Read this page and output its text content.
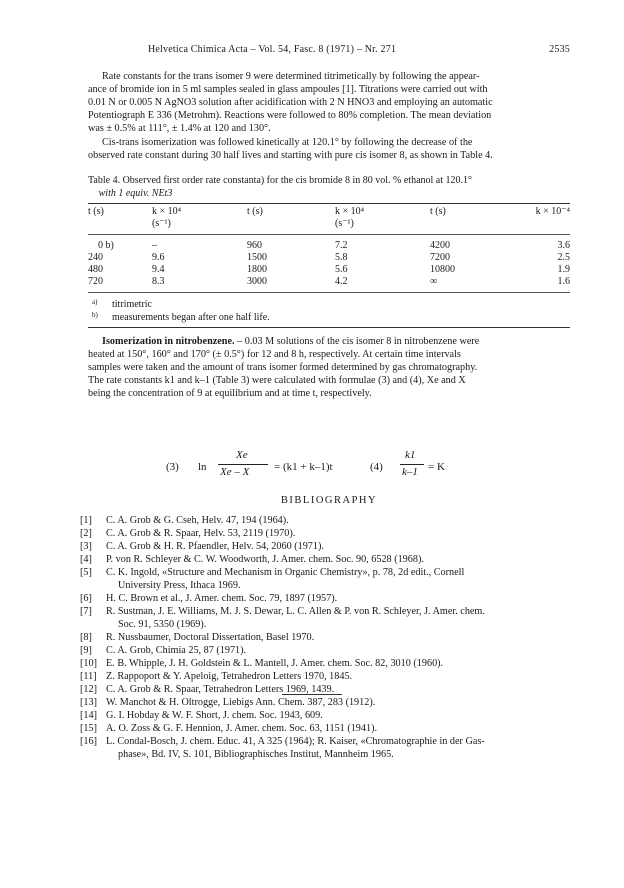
Helvetica Chimica Acta – Vol. 54, Fasc. 8 (1971) – Nr. 271	2535
Rate constants for the trans isomer 9 were determined titrimetically by following the appear-
ance of bromide ion in 5 ml samples sealed in glass ampoules [1]. Titrations were carried out with
0.01 N or 0.005 N AgNO3 solution after acidification with 2 N HNO3 and employing an automatic
Potentiograph E 336 (Metrohm). Reactions were followed to 80% completion. The mean deviation
was ± 0.5% at 111°, ± 1.4% at 120 and 130°.
Cis-trans isomerization was followed kinetically at 120.1° by following the decrease of the
observed rate constant during 30 half lives and starting with pure cis isomer 8, as shown in Table 4.
Table 4. Observed first order rate constanta) for the cis bromide 8 in 80 vol. % ethanol at 120.1°
with 1 equiv. NEt3
t (s)	k × 10⁴	t (s)	k × 10⁴	t (s)	k × 10⁻⁴
	(s⁻¹)		(s⁻¹)		
0 b)	–	960	7.2	4200	3.6
240	9.6	1500	5.8	7200	2.5
480	9.4	1800	5.6	10800	1.9
720	8.3	3000	4.2	∞	1.6
a) titrimetric
b) measurements began after one half life.
Isomerization in nitrobenzene. – 0.03 M solutions of the cis isomer 8 in nitrobenzene were
heated at 150°, 160° and 170° (± 0.5°) for 12 and 8 h, respectively. At certain time intervals
samples were taken and the amount of trans isomer formed determined by gas chromatography.
The rate constants k1 and k–1 (Table 3) were calculated with formulae (3) and (4), Xe and X
being the concentration of 9 at equilibrium and at time t, respectively.
(3) ln
Xe
Xe – X = (k1 + k–1)t	(4)
k1
k–1 = K
BIBLIOGRAPHY
[1]	C. A. Grob & G. Cseh, Helv. 47, 194 (1964).
[2]	C. A. Grob & R. Spaar, Helv. 53, 2119 (1970).
[3]	C. A. Grob & H. R. Pfaendler, Helv. 54, 2060 (1971).
[4]	P. von R. Schleyer & C. W. Woodworth, J. Amer. chem. Soc. 90, 6528 (1968).
[5]	C. K. Ingold, «Structure and Mechanism in Organic Chemistry», p. 78, 2d edit., Cornell
University Press, Ithaca 1969.
[6]	H. C. Brown et al., J. Amer. chem. Soc. 79, 1897 (1957).
[7]	R. Sustman, J. E. Williams, M. J. S. Dewar, L. C. Allen & P. von R. Schleyer, J. Amer. chem.
Soc. 91, 5350 (1969).
[8]	R. Nussbaumer, Doctoral Dissertation, Basel 1970.
[9]	C. A. Grob, Chimia 25, 87 (1971).
[10] E. B. Whipple, J. H. Goldstein & L. Mantell, J. Amer. chem. Soc. 82, 3010 (1960).
[11] Z. Rappoport & Y. Apeloig, Tetrahedron Letters 1970, 1845.
[12] C. A. Grob & R. Spaar, Tetrahedron Letters 1969, 1439.
[13] W. Manchot & H. Oltrogge, Liebigs Ann. Chem. 387, 283 (1912).
[14] G. I. Hobday & W. F. Short, J. chem. Soc. 1943, 609.
[15] A. O. Zoss & G. F. Hennion, J. Amer. chem. Soc. 63, 1151 (1941).
[16] L. Condal-Bosch, J. chem. Educ. 41, A 325 (1964); R. Kaiser, «Chromatographie in der Gas-
phase», Bd. IV, S. 101, Bibliographisches Institut, Mannheim 1965.
